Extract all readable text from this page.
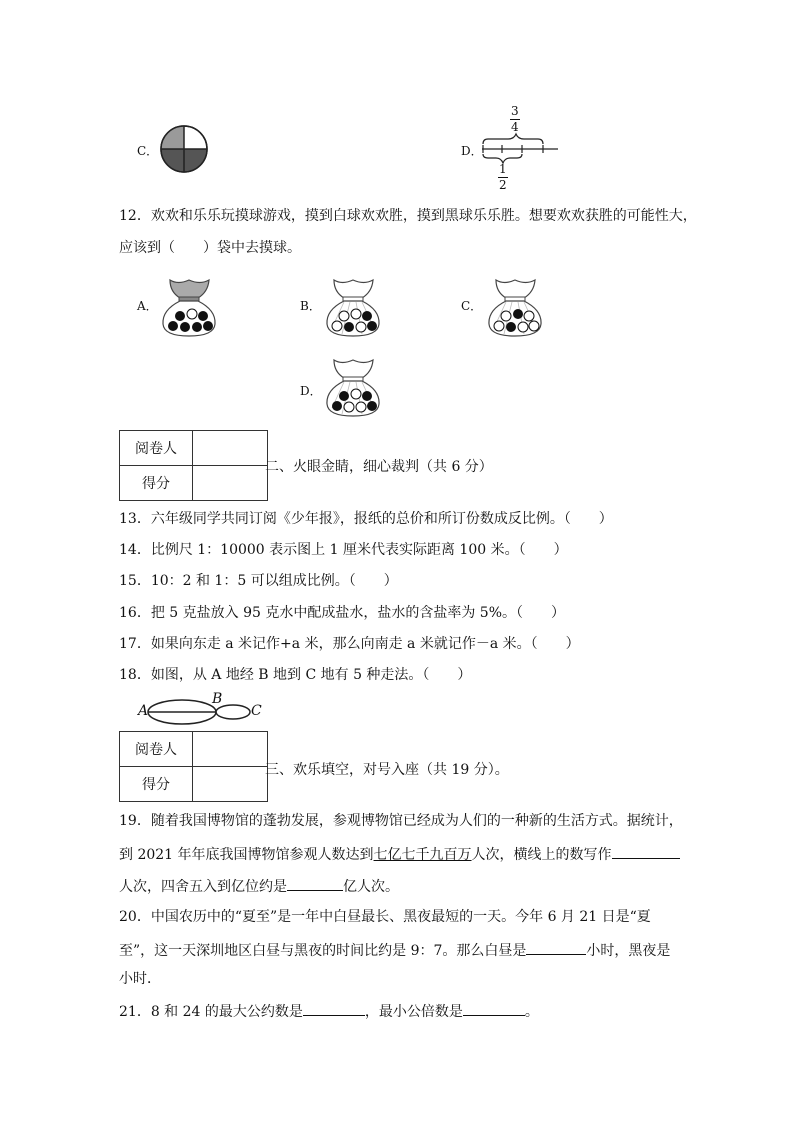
C．	D．
3
4
1
2
12．欢欢和乐乐玩摸球游戏，摸到白球欢欢胜，摸到黑球乐乐胜。想要欢欢获胜的可能性大，
应该到（　　）袋中去摸球。
A．	B．	C．
D．
阅卷人	
得分	
二、火眼金睛，细心裁判（共 6 分）
13．六年级同学共同订阅《少年报》，报纸的总价和所订份数成反比例。（　　）
14．比例尺 1：10000 表示图上 1 厘米代表实际距离 100 米。（　　）
15．10：2 和 1：5 可以组成比例。（　　）
16．把 5 克盐放入 95 克水中配成盐水，盐水的含盐率为 5%。（　　）
17．如果向东走 a 米记作+a 米，那么向南走 a 米就记作－a 米。（　　）
18．如图，从 A 地经 B 地到 C 地有 5 种走法。（　　）
A
B
C
阅卷人	
得分	
三、欢乐填空，对号入座（共 19 分）。
19．随着我国博物馆的蓬勃发展，参观博物馆已经成为人们的一种新的生活方式。据统计，
到 2021 年年底我国博物馆参观人数达到七亿七千九百万人次，横线上的数写作
人次，四舍五入到亿位约是	亿人次。
20．中国农历中的“夏至”是一年中白昼最长、黑夜最短的一天。今年 6 月 21 日是“夏
至”，这一天深圳地区白昼与黑夜的时间比约是 9：7。那么白昼是	小时，黑夜是
小时．
21．8 和 24 的最大公约数是	，最小公倍数是	。
